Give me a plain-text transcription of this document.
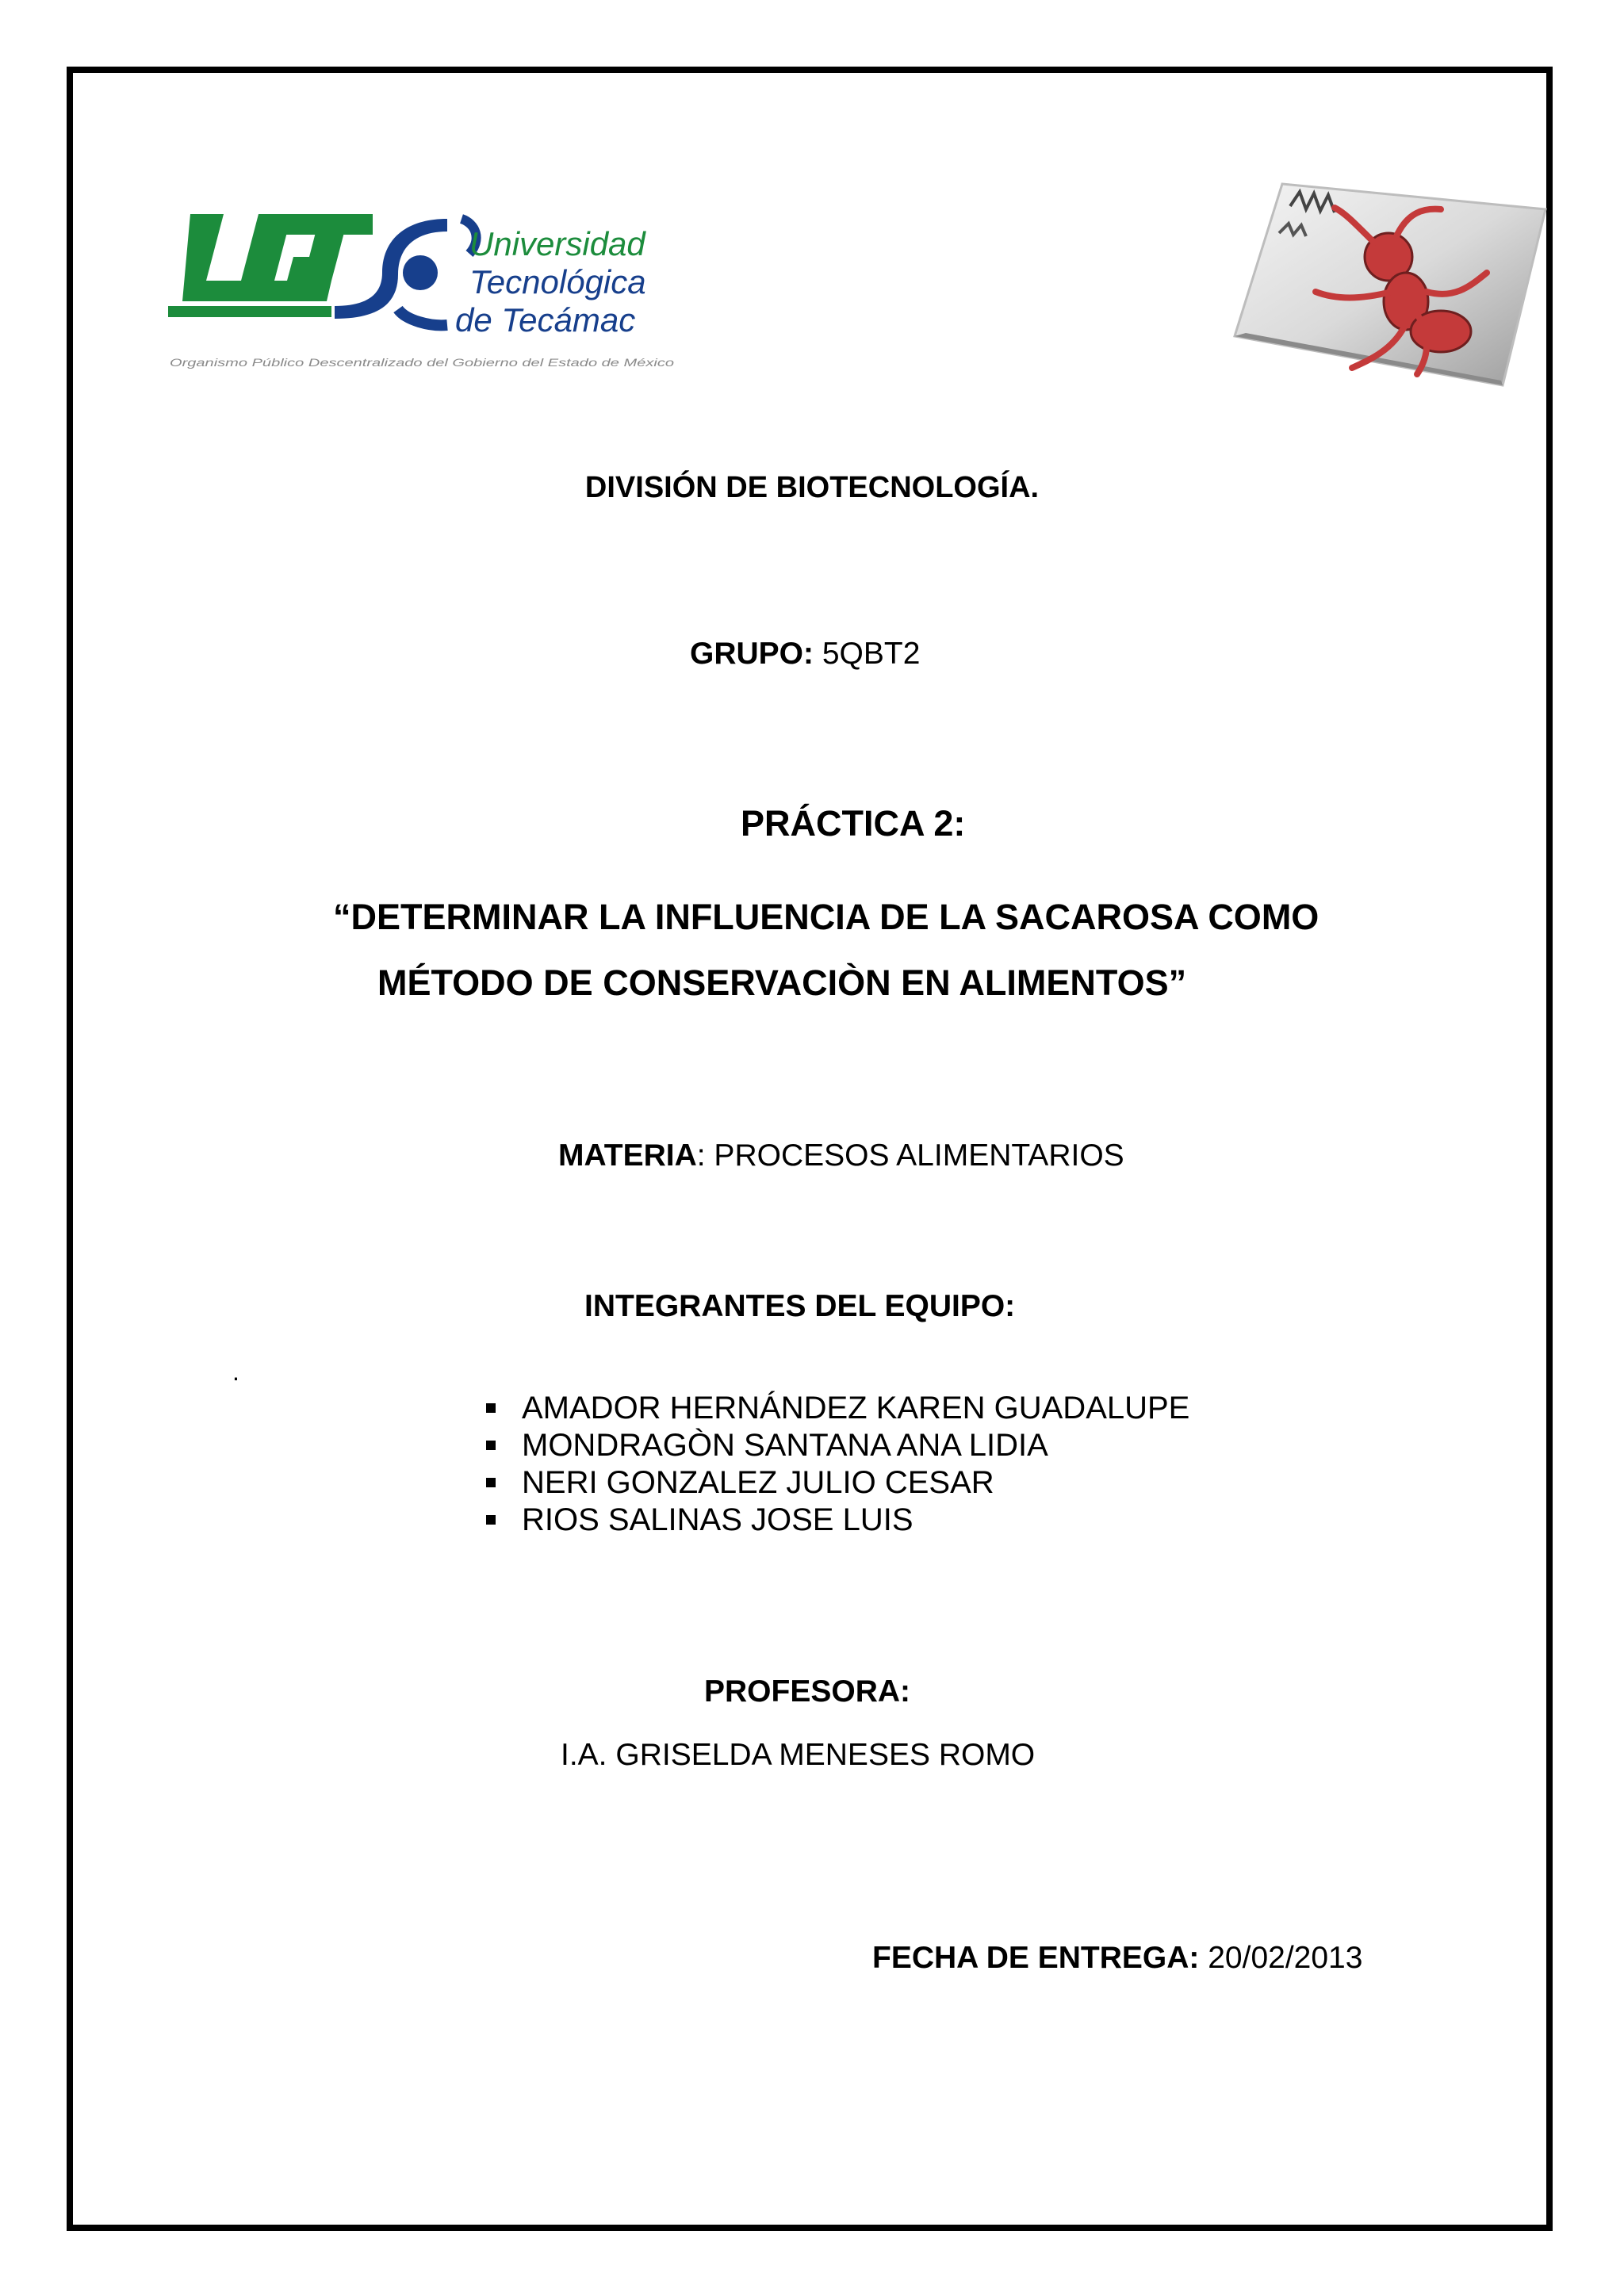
Universidad
Tecnológica
de Tecámac
Organismo Público Descentralizado del Gobierno del Estado de México

DIVISIÓN DE BIOTECNOLOGÍA.

GRUPO: 5QBT2

PRÁCTICA 2:

“DETERMINAR LA INFLUENCIA DE LA SACAROSA COMO

MÉTODO DE CONSERVACIÒN EN ALIMENTOS”

MATERIA: PROCESOS ALIMENTARIOS

INTEGRANTES DEL EQUIPO:

.

AMADOR HERNÁNDEZ KAREN GUADALUPE
MONDRAGÒN SANTANA ANA LIDIA
NERI GONZALEZ JULIO CESAR
RIOS SALINAS JOSE LUIS

PROFESORA:

I.A. GRISELDA MENESES ROMO

FECHA DE ENTREGA: 20/02/2013
